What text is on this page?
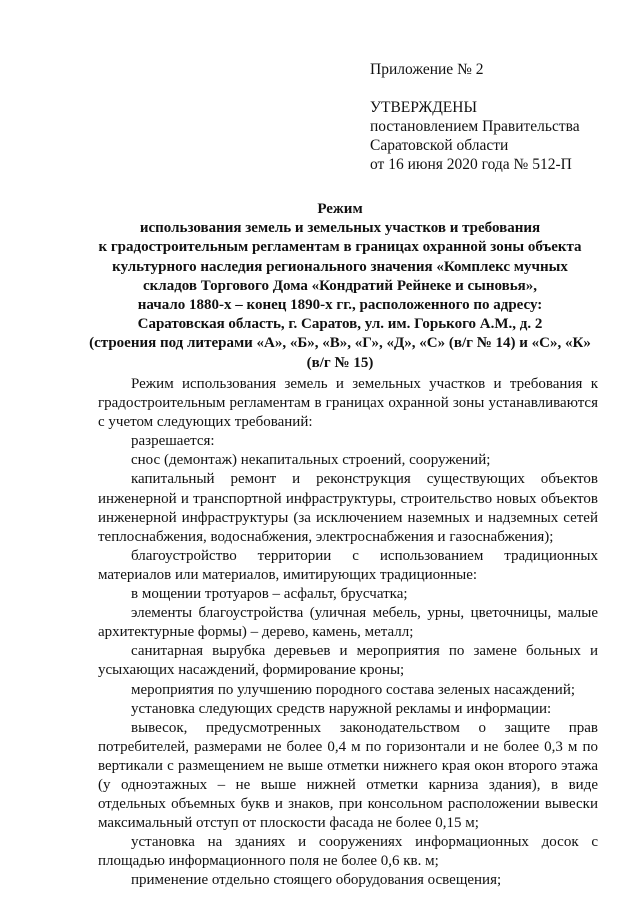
Приложение № 2
УТВЕРЖДЕНЫ
постановлением Правительства
Саратовской области
от 16 июня 2020 года № 512-П
Режим
использования земель и земельных участков и требования
к градостроительным регламентам в границах охранной зоны объекта
культурного наследия регионального значения «Комплекс мучных
складов Торгового Дома «Кондратий Рейнеке и сыновья»,
начало 1880-х – конец 1890-х гг., расположенного по адресу:
Саратовская область, г. Саратов, ул. им. Горького А.М., д. 2
(строения под литерами «А», «Б», «В», «Г», «Д», «С» (в/г № 14) и «С», «К»
(в/г № 15)

Режим использования земель и земельных участков и требования к градостроительным регламентам в границах охранной зоны устанавливаются с учетом следующих требований:

разрешается:

снос (демонтаж) некапитальных строений, сооружений;

капитальный ремонт и реконструкция существующих объектов инженерной и транспортной инфраструктуры, строительство новых объектов инженерной инфраструктуры (за исключением наземных и надземных сетей теплоснабжения, водоснабжения, электроснабжения и газоснабжения);

благоустройство территории с использованием традиционных материалов или материалов, имитирующих традиционные:

в мощении тротуаров – асфальт, брусчатка;

элементы благоустройства (уличная мебель, урны, цветочницы, малые архитектурные формы) – дерево, камень, металл;

санитарная вырубка деревьев и мероприятия по замене больных и усыхающих насаждений, формирование кроны;

мероприятия по улучшению породного состава зеленых насаждений;

установка следующих средств наружной рекламы и информации:

вывесок, предусмотренных законодательством о защите прав потребителей, размерами не более 0,4 м по горизонтали и не более 0,3 м по вертикали с размещением не выше отметки нижнего края окон второго этажа (у одноэтажных – не выше нижней отметки карниза здания), в виде отдельных объемных букв и знаков, при консольном расположении вывески максимальный отступ от плоскости фасада не более 0,15 м;

установка на зданиях и сооружениях информационных досок с площадью информационного поля не более 0,6 кв. м;

применение отдельно стоящего оборудования освещения;
